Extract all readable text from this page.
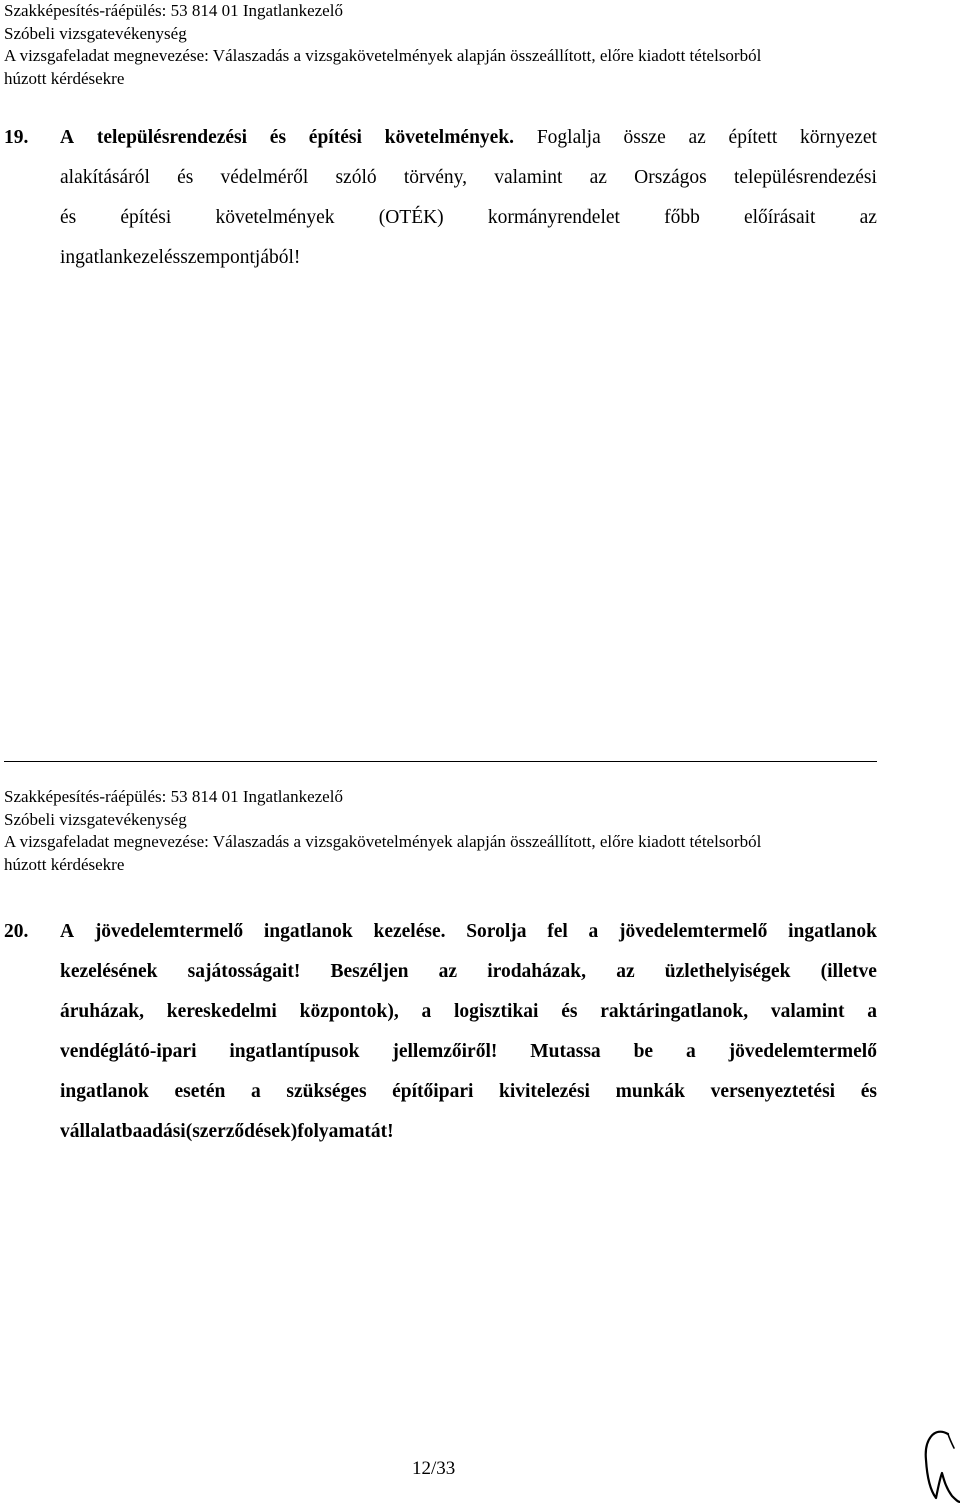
Szakképesítés-ráépülés: 53 814 01 Ingatlankezelő
Szóbeli vizsgatevékenység
A vizsgafeladat megnevezése: Válaszadás a vizsgakövetelmények alapján összeállított, előre kiadott tételsorból
húzott kérdésekre
19. A településrendezési és építési követelmények. Foglalja össze az épített környezet
alakításáról és védelméről szóló törvény, valamint az Országos településrendezési
és építési követelmények (OTÉK) kormányrendelet főbb előírásait az
ingatlankezelés szempontjából!
Szakképesítés-ráépülés: 53 814 01 Ingatlankezelő
Szóbeli vizsgatevékenység
A vizsgafeladat megnevezése: Válaszadás a vizsgakövetelmények alapján összeállított, előre kiadott tételsorból
húzott kérdésekre
20. A jövedelemtermelő ingatlanok kezelése. Sorolja fel a jövedelemtermelő ingatlanok
kezelésének sajátosságait! Beszéljen az irodaházak, az üzlethelyiségek (illetve
áruházak, kereskedelmi központok), a logisztikai és raktáringatlanok, valamint a
vendéglátó-ipari ingatlantípusok jellemzőiről! Mutassa be a jövedelemtermelő
ingatlanok esetén a szükséges építőipari kivitelezési munkák versenyeztetési és
vállalatba adási (szerződések) folyamatát!
12/33
